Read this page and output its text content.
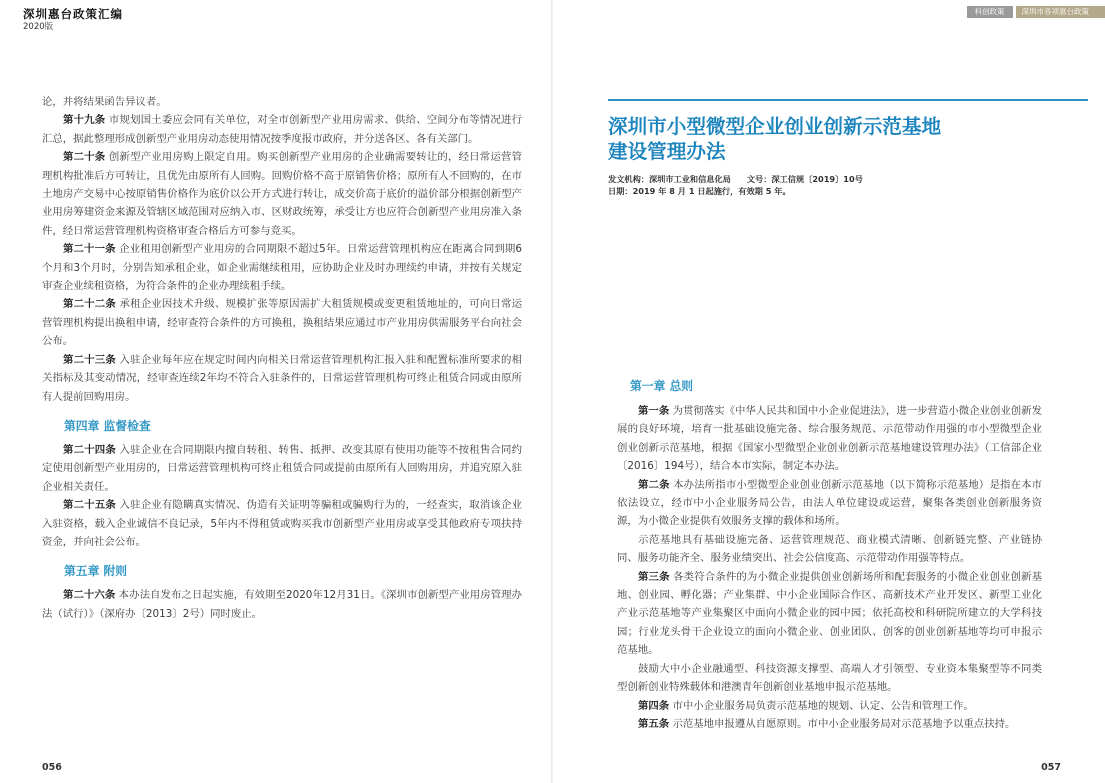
深圳惠台政策汇编
2020版

论，并将结果函告异议者。

第十九条 市规划国土委应会同有关单位，对全市创新型产业用房需求、供给、空间分布等情况进行汇总，据此整理形成创新型产业用房动态使用情况按季度报市政府，并分送各区、各有关部门。

第二十条 创新型产业用房购上限定自用。购买创新型产业用房的企业确需要转让的，经日常运营管理机构批准后方可转让，且优先由原所有人回购。回购价格不高于原销售价格；原所有人不回购的，在市土地房产交易中心按原销售价格作为底价以公开方式进行转让，成交价高于底价的溢价部分根据创新型产业用房筹建资金来源及管辖区域范围对应纳入市、区财政统筹，承受让方也应符合创新型产业用房准入条件，经日常运营管理机构资格审查合格后方可参与竞买。

第二十一条 企业租用创新型产业用房的合同期限不超过5年。日常运营管理机构应在距离合同到期6个月和3个月时，分别告知承租企业，如企业需继续租用，应协助企业及时办理续约申请，并按有关规定审查企业续租资格，为符合条件的企业办理续租手续。

第二十二条 承租企业因技术升级、规模扩张等原因需扩大租赁规模或变更租赁地址的，可向日常运营管理机构提出换租申请，经审查符合条件的方可换租，换租结果应通过市产业用房供需服务平台向社会公布。

第二十三条 入驻企业每年应在规定时间内向相关日常运营管理机构汇报入驻和配置标准所要求的相关指标及其变动情况，经审查连续2年均不符合入驻条件的，日常运营管理机构可终止租赁合同或由原所有人提前回购用房。

第四章 监督检查

第二十四条 入驻企业在合同期限内擅自转租、转售、抵押、改变其原有使用功能等不按租售合同约定使用创新型产业用房的，日常运营管理机构可终止租赁合同或提前由原所有人回购用房，并追究原入驻企业相关责任。

第二十五条 入驻企业有隐瞒真实情况、伪造有关证明等骗租或骗购行为的，一经查实，取消该企业入驻资格，载入企业诚信不良记录，5年内不得租赁或购买我市创新型产业用房或享受其他政府专项扶持资金，并向社会公布。

第五章 附则

第二十六条 本办法自发布之日起实施，有效期至2020年12月31日。《深圳市创新型产业用房管理办法（试行）》（深府办〔2013〕2号）同时废止。

056
科创政策	深圳市各项惠台政策
深圳市小型微型企业创业创新示范基地
建设管理办法
发文机构：深圳市工业和信息化局 文号：深工信规〔2019〕10号
日期：2019 年 8 月 1 日起施行，有效期 5 年。
第一章 总则

第一条 为贯彻落实《中华人民共和国中小企业促进法》，进一步营造小微企业创业创新发展的良好环境，培育一批基础设施完备、综合服务规范、示范带动作用强的市小型微型企业创业创新示范基地，根据《国家小型微型企业创业创新示范基地建设管理办法》（工信部企业〔2016〕194号），结合本市实际，制定本办法。

第二条 本办法所指市小型微型企业创业创新示范基地（以下简称示范基地）是指在本市依法设立，经市中小企业服务局公告，由法人单位建设或运营，聚集各类创业创新服务资源，为小微企业提供有效服务支撑的载体和场所。

示范基地具有基础设施完备、运营管理规范、商业模式清晰、创新链完整、产业链协同、服务功能齐全、服务业绩突出、社会公信度高、示范带动作用强等特点。

第三条 各类符合条件的为小微企业提供创业创新场所和配套服务的小微企业创业创新基地、创业园、孵化器；产业集群、中小企业国际合作区、高新技术产业开发区、新型工业化产业示范基地等产业集聚区中面向小微企业的园中园；依托高校和科研院所建立的大学科技园；行业龙头骨干企业设立的面向小微企业、创业团队、创客的创业创新基地等均可申报示范基地。

鼓励大中小企业融通型、科技资源支撑型、高端人才引领型、专业资本集聚型等不同类型创新创业特殊载体和港澳青年创新创业基地申报示范基地。

第四条 市中小企业服务局负责示范基地的规划、认定、公告和管理工作。

第五条 示范基地申报遵从自愿原则。市中小企业服务局对示范基地予以重点扶持。

057
